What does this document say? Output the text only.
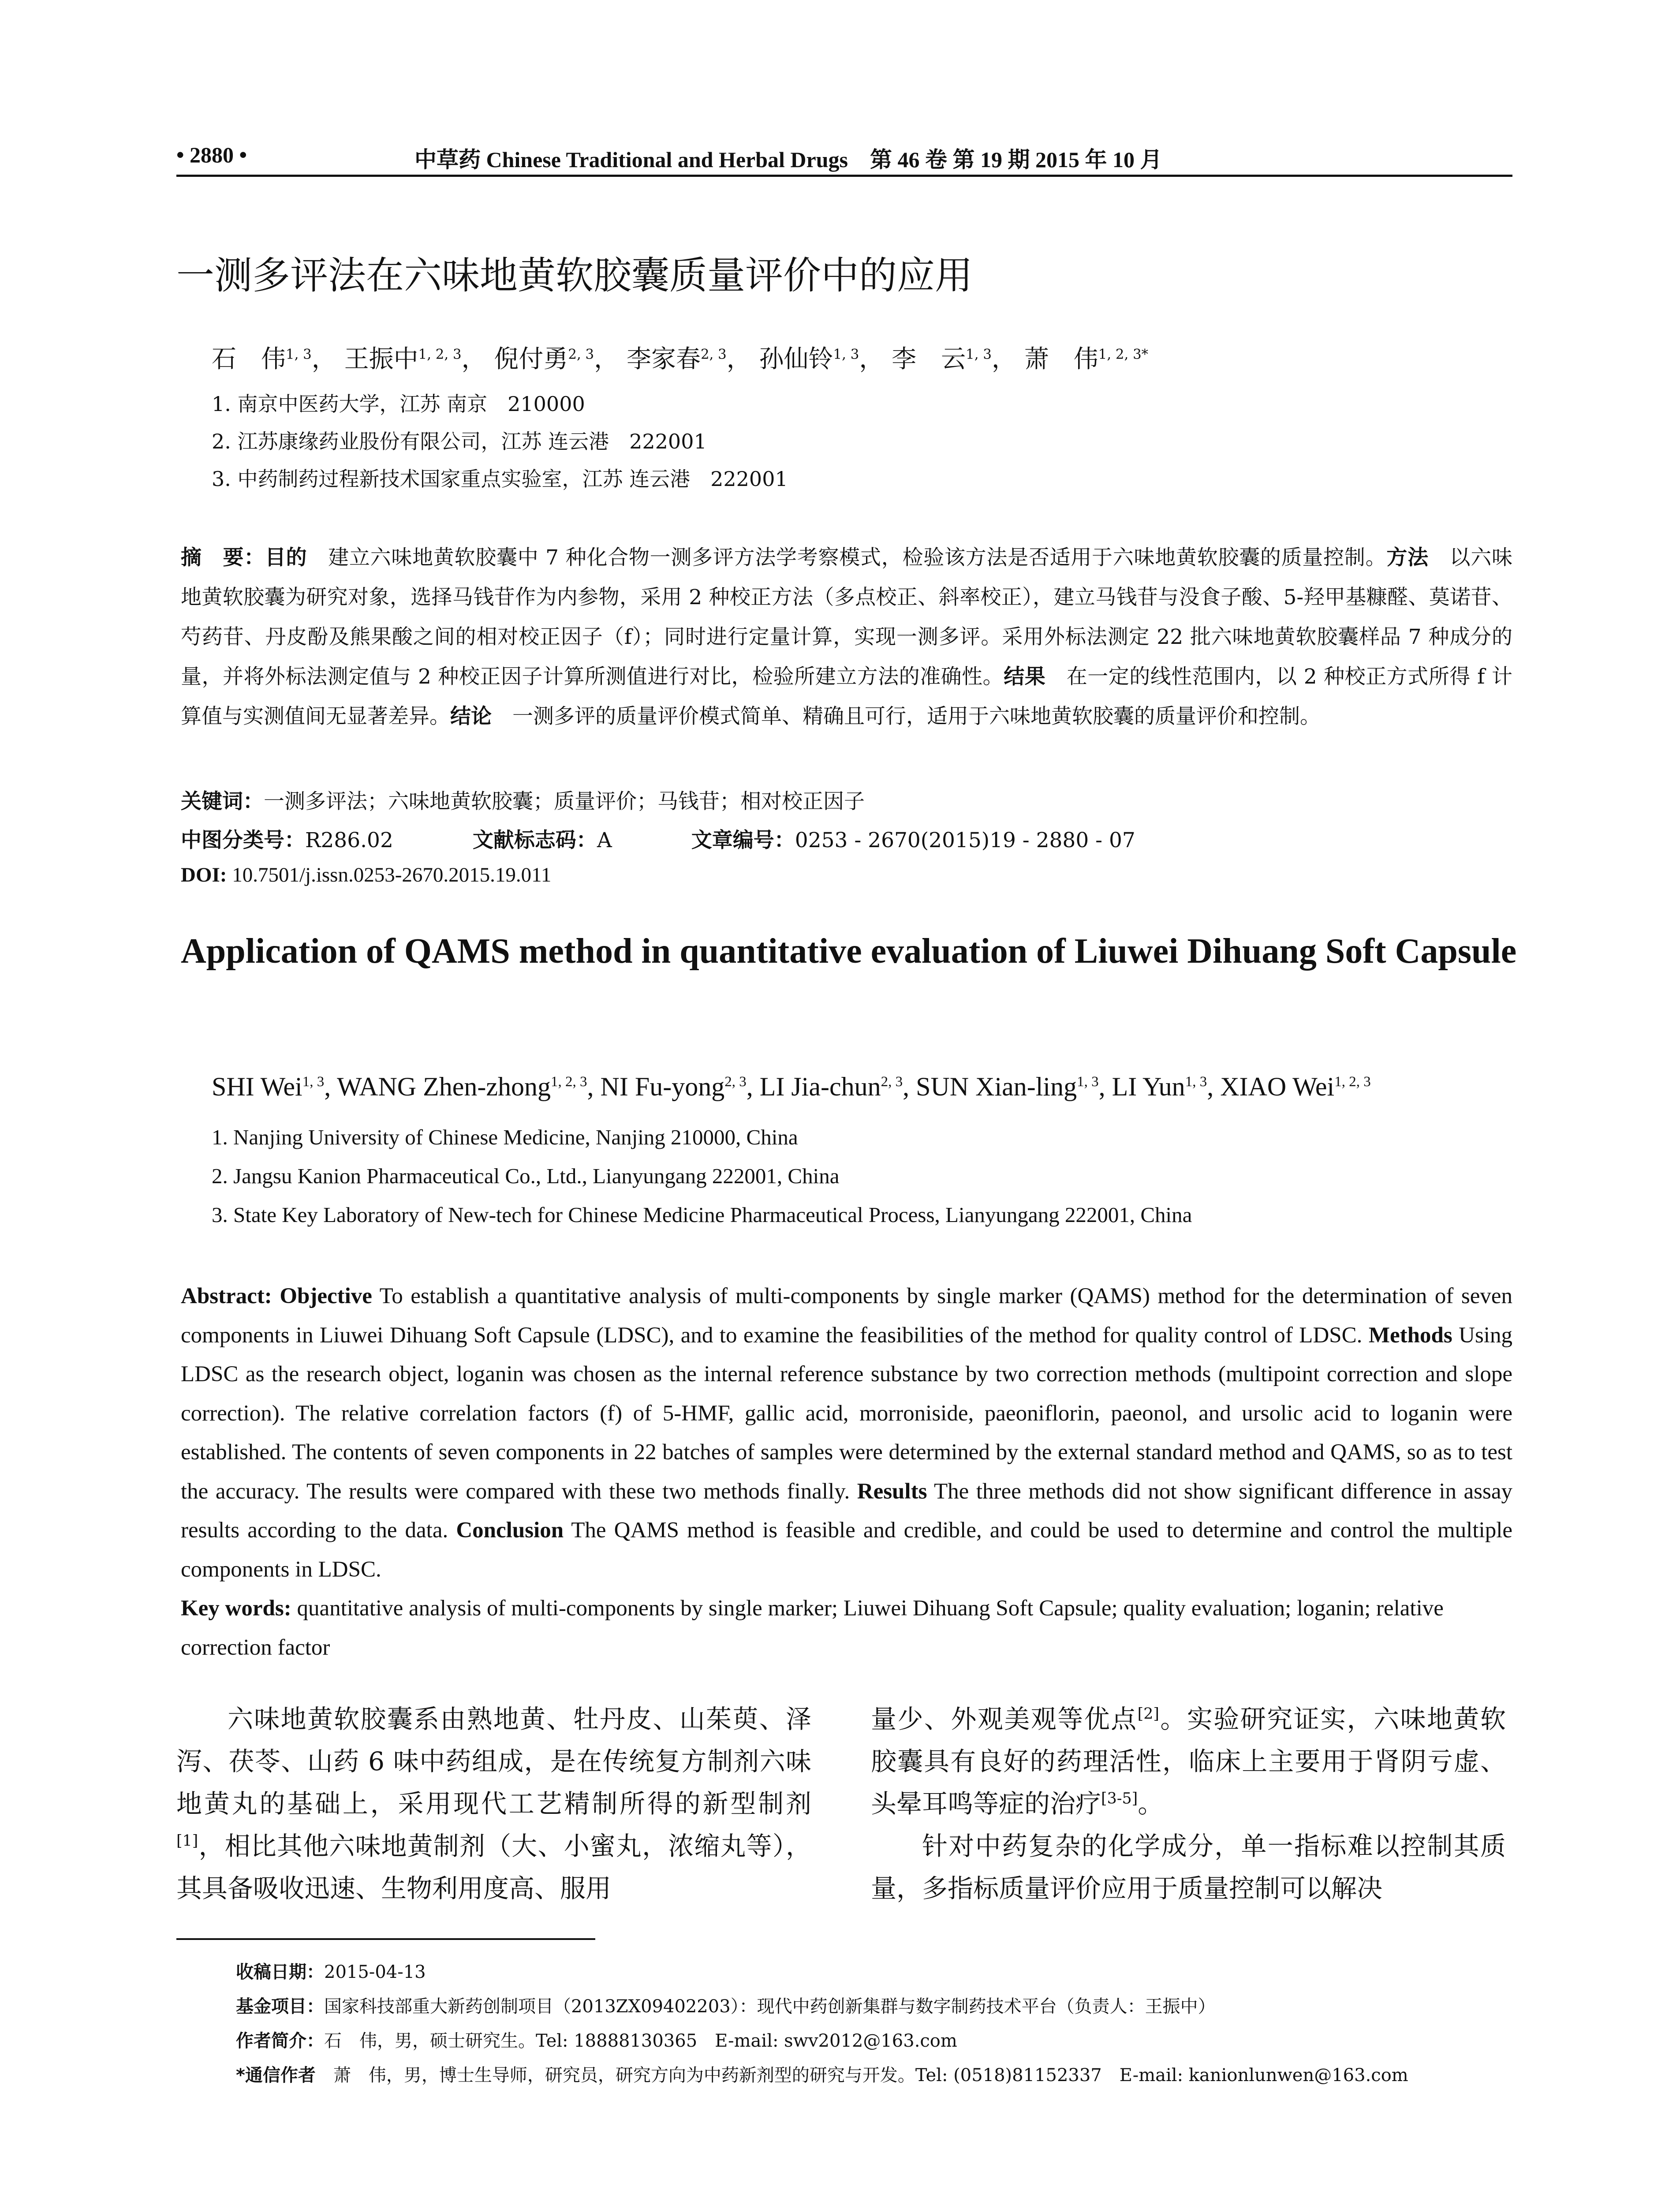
• 2880 •	中草药 Chinese Traditional and Herbal Drugs　第 46 卷 第 19 期 2015 年 10 月
一测多评法在六味地黄软胶囊质量评价中的应用
石　伟$^{1, 3}$， 王振中$^{1, 2, 3}$， 倪付勇$^{2, 3}$， 李家春$^{2, 3}$， 孙仙铃$^{1, 3}$， 李　云$^{1, 3}$， 萧　伟$^{1, 2, 3*}$
1. 南京中医药大学，江苏 南京　210000
2. 江苏康缘药业股份有限公司，江苏 连云港　222001
3. 中药制药过程新技术国家重点实验室，江苏 连云港　222001
摘　要：目的　建立六味地黄软胶囊中 7 种化合物一测多评方法学考察模式，检验该方法是否适用于六味地黄软胶囊的质量控制。方法　以六味地黄软胶囊为研究对象，选择马钱苷作为内参物，采用 2 种校正方法（多点校正、斜率校正），建立马钱苷与没食子酸、5-羟甲基糠醛、莫诺苷、芍药苷、丹皮酚及熊果酸之间的相对校正因子（f）；同时进行定量计算，实现一测多评。采用外标法测定 22 批六味地黄软胶囊样品 7 种成分的量，并将外标法测定值与 2 种校正因子计算所测值进行对比，检验所建立方法的准确性。结果　在一定的线性范围内，以 2 种校正方式所得 f 计算值与实测值间无显著差异。结论　一测多评的质量评价模式简单、精确且可行，适用于六味地黄软胶囊的质量评价和控制。
关键词：一测多评法；六味地黄软胶囊；质量评价；马钱苷；相对校正因子
中图分类号：R286.02	文献标志码：A	文章编号：0253 - 2670(2015)19 - 2880 - 07
DOI: 10.7501/j.issn.0253-2670.2015.19.011
Application of QAMS method in quantitative evaluation of Liuwei Dihuang Soft Capsule
SHI Wei$^{1, 3}$, WANG Zhen-zhong$^{1, 2, 3}$, NI Fu-yong$^{2, 3}$, LI Jia-chun$^{2, 3}$, SUN Xian-ling$^{1, 3}$, LI Yun$^{1, 3}$, XIAO Wei$^{1, 2, 3}$
1. Nanjing University of Chinese Medicine, Nanjing 210000, China
2. Jangsu Kanion Pharmaceutical Co., Ltd., Lianyungang 222001, China
3. State Key Laboratory of New-tech for Chinese Medicine Pharmaceutical Process, Lianyungang 222001, China
Abstract: Objective To establish a quantitative analysis of multi-components by single marker (QAMS) method for the determination of seven components in Liuwei Dihuang Soft Capsule (LDSC), and to examine the feasibilities of the method for quality control of LDSC. Methods Using LDSC as the research object, loganin was chosen as the internal reference substance by two correction methods (multipoint correction and slope correction). The relative correlation factors (f) of 5-HMF, gallic acid, morroniside, paeoniflorin, paeonol, and ursolic acid to loganin were established. The contents of seven components in 22 batches of samples were determined by the external standard method and QAMS, so as to test the accuracy. The results were compared with these two methods finally. Results The three methods did not show significant difference in assay results according to the data. Conclusion The QAMS method is feasible and credible, and could be used to determine and control the multiple components in LDSC.
Key words: quantitative analysis of multi-components by single marker; Liuwei Dihuang Soft Capsule; quality evaluation; loganin; relative correction factor

六味地黄软胶囊系由熟地黄、牡丹皮、山茱萸、泽泻、茯苓、山药 6 味中药组成，是在传统复方制剂六味地黄丸的基础上，采用现代工艺精制所得的新型制剂[1]，相比其他六味地黄制剂（大、小蜜丸，浓缩丸等），其具备吸收迅速、生物利用度高、服用

量少、外观美观等优点[2]。实验研究证实，六味地黄软胶囊具有良好的药理活性，临床上主要用于肾阴亏虚、头晕耳鸣等症的治疗[3-5]。

针对中药复杂的化学成分，单一指标难以控制其质量，多指标质量评价应用于质量控制可以解决

收稿日期：2015-04-13
基金项目：国家科技部重大新药创制项目（2013ZX09402203）：现代中药创新集群与数字制药技术平台（负责人：王振中）
作者简介：石　伟，男，硕士研究生。Tel: 18888130365　E-mail: swv2012@163.com
*通信作者　萧　伟，男，博士生导师，研究员，研究方向为中药新剂型的研究与开发。Tel: (0518)81152337　E-mail: kanionlunwen@163.com
